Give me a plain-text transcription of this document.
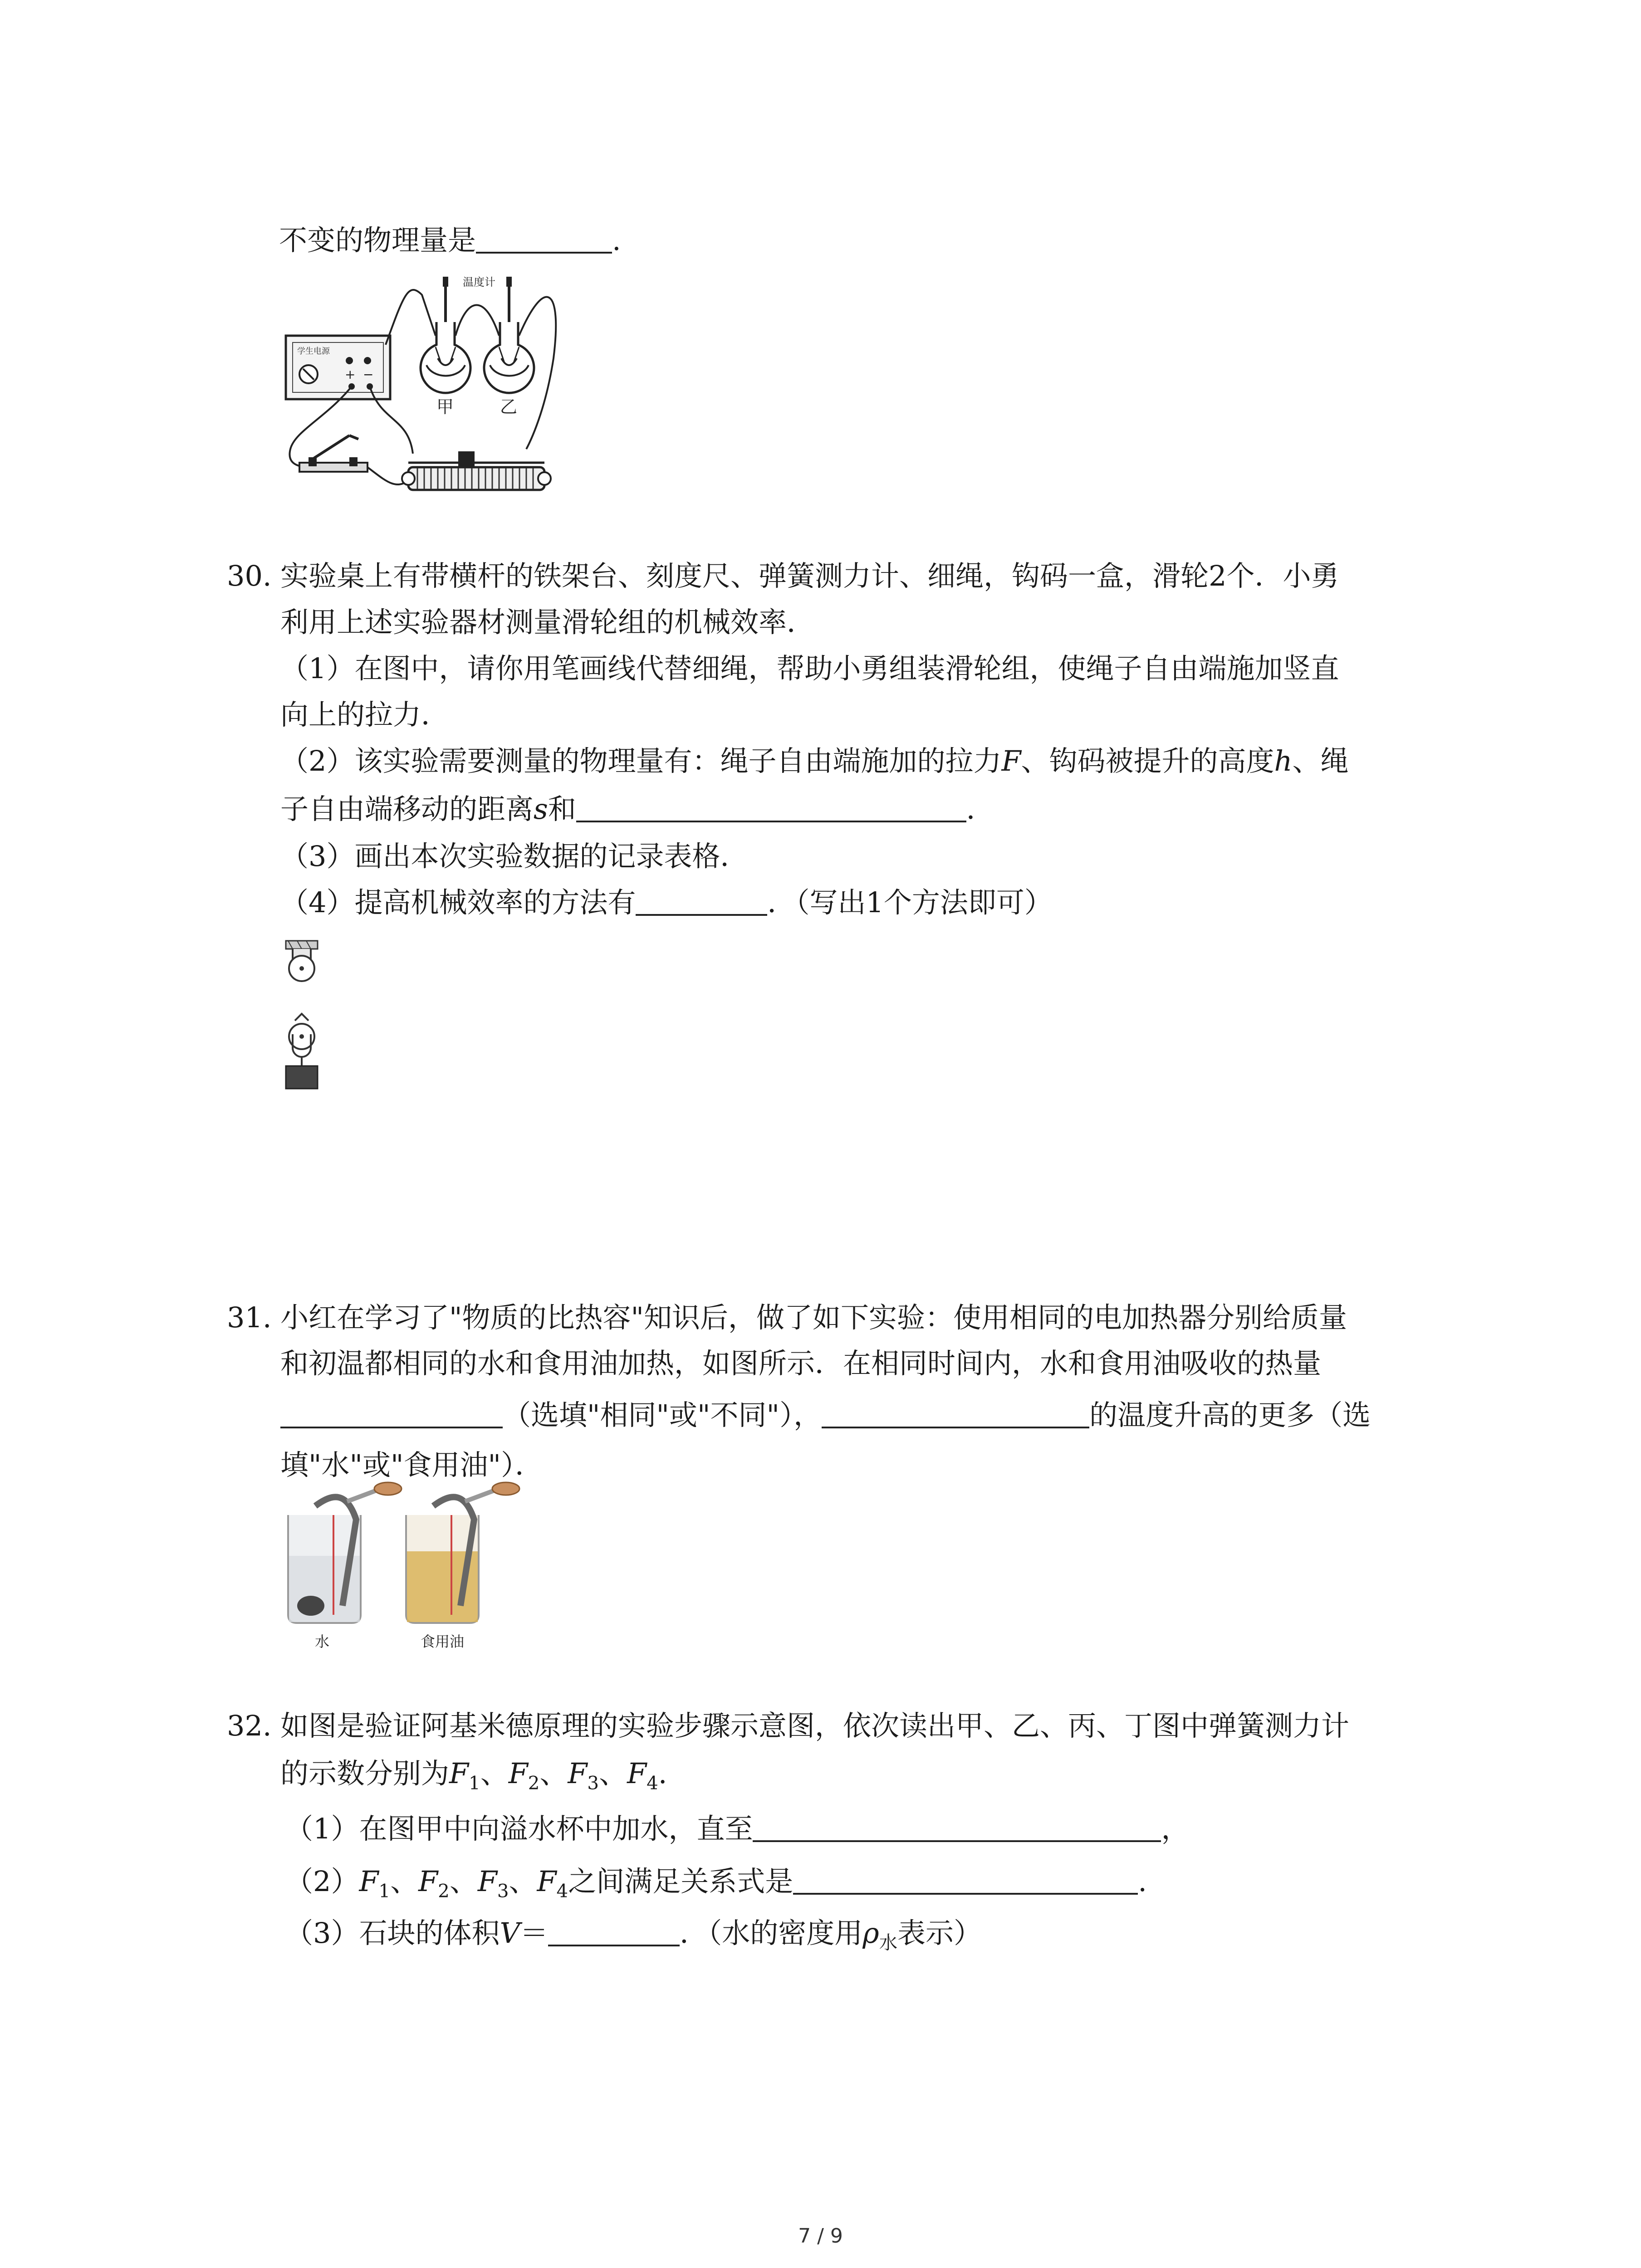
不变的物理量是	.
学生电源
+ −
甲	乙
温度计
30. 实验桌上有带横杆的铁架台、刻度尺、弹簧测力计、细绳，钩码一盒，滑轮2个．小勇
利用上述实验器材测量滑轮组的机械效率．
（1）在图中，请你用笔画线代替细绳，帮助小勇组装滑轮组，使绳子自由端施加竖直
向上的拉力．
（2）该实验需要测量的物理量有：绳子自由端施加的拉力F、钩码被提升的高度h、绳
子自由端移动的距离s和	．
（3）画出本次实验数据的记录表格．
（4）提高机械效率的方法有	．（写出1个方法即可）
31. 小红在学习了"物质的比热容"知识后，做了如下实验：使用相同的电加热器分别给质量
和初温都相同的水和食用油加热，如图所示．在相同时间内，水和食用油吸收的热量
（选填"相同"或"不同"），	的温度升高的更多（选
填"水"或"食用油"）．
水	食用油
32. 如图是验证阿基米德原理的实验步骤示意图，依次读出甲、乙、丙、丁图中弹簧测力计
的示数分别为$F_1$、$F_2$、$F_3$、$F_4$.
（1）在图甲中向溢水杯中加水，直至	，
$(2)F_1$、$F_2$、$F_3$、$F_4$之间满足关系式是	.
（3）石块的体积V＝	．（水的密度用$\rho_水$表示）
7 / 9
